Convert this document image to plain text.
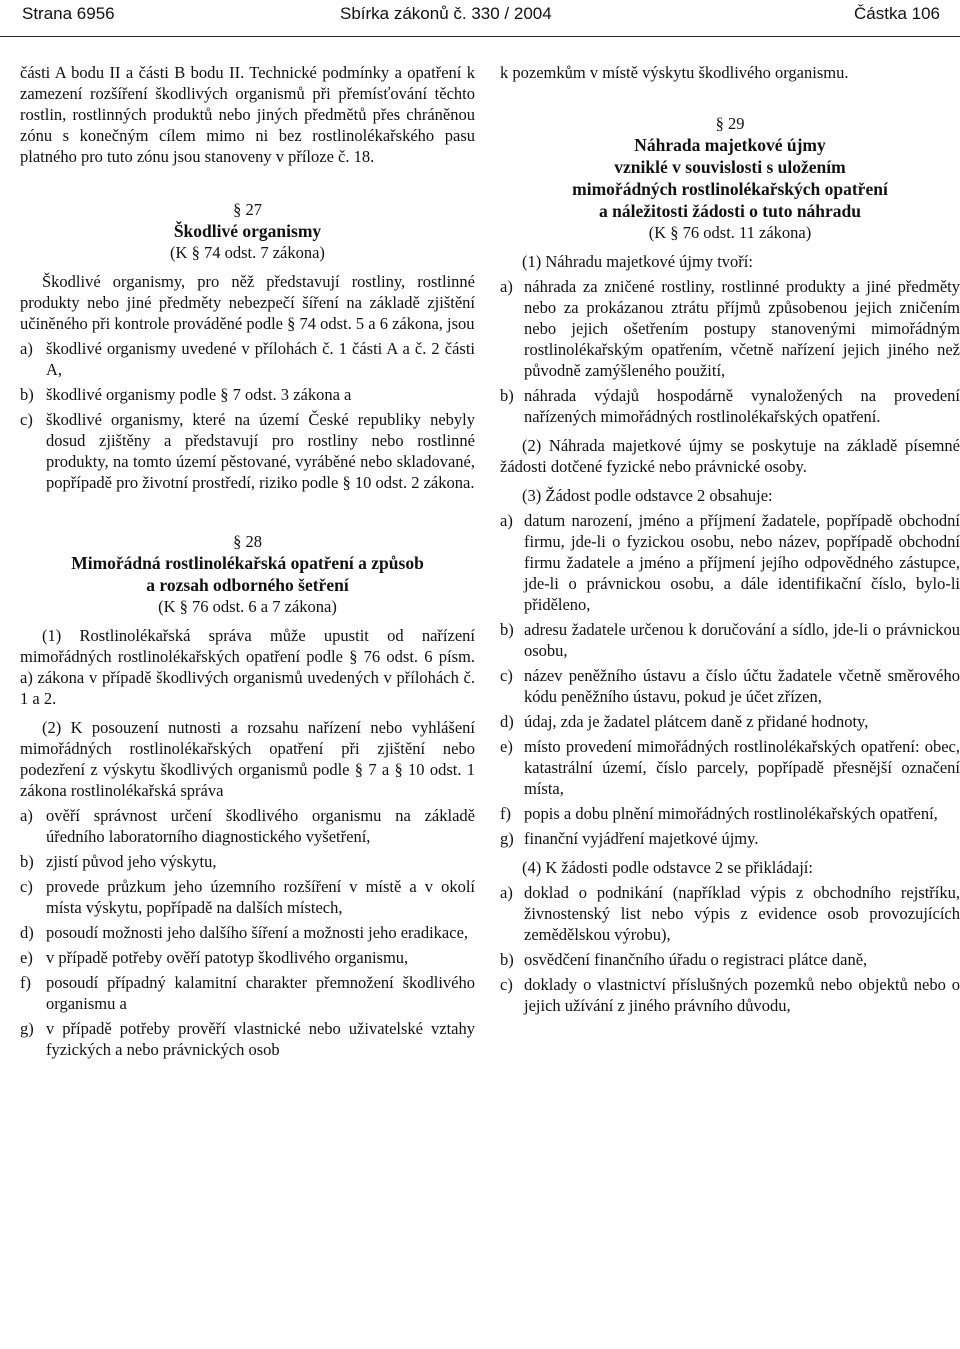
Strana 6956	Sbírka zákonů č. 330 / 2004	Částka 106

části A bodu II a části B bodu II. Technické podmínky a opatření k zamezení rozšíření škodlivých organismů při přemísťování těchto rostlin, rostlinných produktů nebo jiných předmětů přes chráněnou zónu s konečným cílem mimo ni bez rostlinolékařského pasu platného pro tuto zónu jsou stanoveny v příloze č. 18.

§ 27

Škodlivé organismy

(K § 74 odst. 7 zákona)

Škodlivé organismy, pro něž představují rostliny, rostlinné produkty nebo jiné předměty nebezpečí šíření na základě zjištění učiněného při kontrole prováděné podle § 74 odst. 5 a 6 zákona, jsou

a) škodlivé organismy uvedené v přílohách č. 1 části A a č. 2 části A,
b) škodlivé organismy podle § 7 odst. 3 zákona a
c) škodlivé organismy, které na území České republiky nebyly dosud zjištěny a představují pro rostliny nebo rostlinné produkty, na tomto území pěstované, vyráběné nebo skladované, popřípadě pro životní prostředí, riziko podle § 10 odst. 2 zákona.

§ 28

Mimořádná rostlinolékařská opatření a způsob

a rozsah odborného šetření

(K § 76 odst. 6 a 7 zákona)

(1) Rostlinolékařská správa může upustit od nařízení mimořádných rostlinolékařských opatření podle § 76 odst. 6 písm. a) zákona v případě škodlivých organismů uvedených v přílohách č. 1 a 2.

(2) K posouzení nutnosti a rozsahu nařízení nebo vyhlášení mimořádných rostlinolékařských opatření při zjištění nebo podezření z výskytu škodlivých organismů podle § 7 a § 10 odst. 1 zákona rostlinolékařská správa

a) ověří správnost určení škodlivého organismu na základě úředního laboratorního diagnostického vyšetření,
b) zjistí původ jeho výskytu,
c) provede průzkum jeho územního rozšíření v místě a v okolí místa výskytu, popřípadě na dalších místech,
d) posoudí možnosti jeho dalšího šíření a možnosti jeho eradikace,
e) v případě potřeby ověří patotyp škodlivého organismu,
f) posoudí případný kalamitní charakter přemnožení škodlivého organismu a
g) v případě potřeby prověří vlastnické nebo uživatelské vztahy fyzických a nebo právnických osob

k pozemkům v místě výskytu škodlivého organismu.

§ 29

Náhrada majetkové újmy

vzniklé v souvislosti s uložením

mimořádných rostlinolékařských opatření

a náležitosti žádosti o tuto náhradu

(K § 76 odst. 11 zákona)

(1) Náhradu majetkové újmy tvoří:

a) náhrada za zničené rostliny, rostlinné produkty a jiné předměty nebo za prokázanou ztrátu příjmů způsobenou jejich zničením nebo jejich ošetřením postupy stanovenými mimořádným rostlinolékařským opatřením, včetně nařízení jejich jiného než původně zamýšleného použití,
b) náhrada výdajů hospodárně vynaložených na provedení nařízených mimořádných rostlinolékařských opatření.

(2) Náhrada majetkové újmy se poskytuje na základě písemné žádosti dotčené fyzické nebo právnické osoby.

(3) Žádost podle odstavce 2 obsahuje:

a) datum narození, jméno a příjmení žadatele, popřípadě obchodní firmu, jde-li o fyzickou osobu, nebo název, popřípadě obchodní firmu žadatele a jméno a příjmení jejího odpovědného zástupce, jde-li o právnickou osobu, a dále identifikační číslo, bylo-li přiděleno,
b) adresu žadatele určenou k doručování a sídlo, jde-li o právnickou osobu,
c) název peněžního ústavu a číslo účtu žadatele včetně směrového kódu peněžního ústavu, pokud je účet zřízen,
d) údaj, zda je žadatel plátcem daně z přidané hodnoty,
e) místo provedení mimořádných rostlinolékařských opatření: obec, katastrální území, číslo parcely, popřípadě přesnější označení místa,
f) popis a dobu plnění mimořádných rostlinolékařských opatření,
g) finanční vyjádření majetkové újmy.

(4) K žádosti podle odstavce 2 se přikládají:

a) doklad o podnikání (například výpis z obchodního rejstříku, živnostenský list nebo výpis z evidence osob provozujících zemědělskou výrobu),
b) osvědčení finančního úřadu o registraci plátce daně,
c) doklady o vlastnictví příslušných pozemků nebo objektů nebo o jejich užívání z jiného právního důvodu,
